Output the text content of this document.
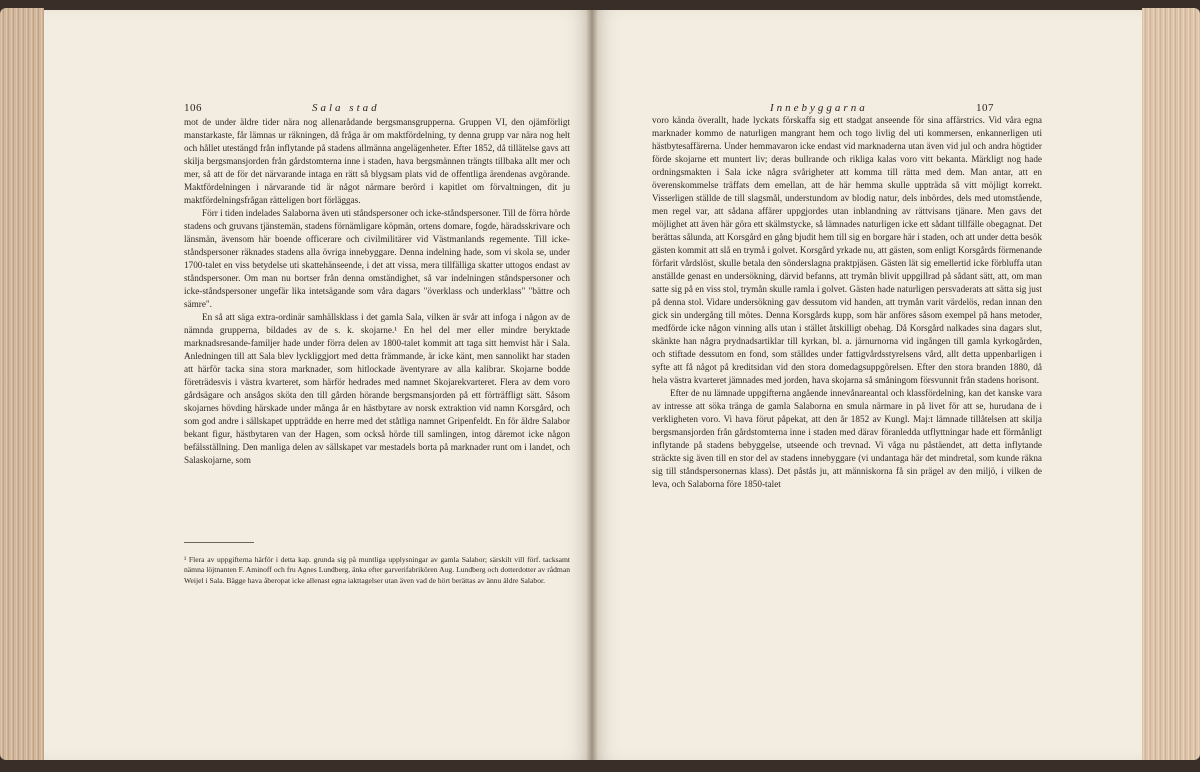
106	Sala stad

mot de under äldre tider nära nog allenarådande bergsmansgrupperna. Gruppen VI, den ojämförligt manstarkaste, får lämnas ur räkningen, då fråga är om maktfördelning, ty denna grupp var nära nog helt och hållet utestängd från inflytande på stadens allmänna angelägenheter. Efter 1852, då tillätelse gavs att skilja bergsmansjorden från gårdstomterna inne i staden, hava bergsmännen trängts tillbaka allt mer och mer, så att de för det närvarande intaga en rätt så blygsam plats vid de offentliga ärendenas avgörande. Maktfördelningen i närvarande tid är något närmare berörd i kapitlet om förvaltningen, dit ju maktfördelningsfrågan rätteligen bort förläggas.

Förr i tiden indelades Salaborna även uti ståndspersoner och icke-ståndspersoner. Till de förra hörde stadens och gruvans tjänstemän, stadens förnämligare köpmän, ortens domare, fogde, häradsskrivare och länsmän, ävensom här boende officerare och civilmilitärer vid Västmanlands regemente. Till icke-ståndspersoner räknades stadens alla övriga innebyggare. Denna indelning hade, som vi skola se, under 1700-talet en viss betydelse uti skattehänseende, i det att vissa, mera tillfälliga skatter uttogos endast av ståndspersoner. Om man nu bortser från denna omständighet, så var indelningen ståndspersoner och icke-ståndspersoner ungefär lika intetsägande som våra dagars "överklass och underklass" "bättre och sämre".

En så att säga extra-ordinär samhällsklass i det gamla Sala, vilken är svår att infoga i någon av de nämnda grupperna, bildades av de s. k. skojarne.¹ En hel del mer eller mindre beryktade marknadsresande-familjer hade under förra delen av 1800-talet kommit att taga sitt hemvist här i Sala. Anledningen till att Sala blev lyckliggjort med detta främmande, är icke känt, men sannolikt har staden att härför tacka sina stora marknader, som hitlockade äventyrare av alla kalibrar. Skojarne bodde företrädesvis i västra kvarteret, som härför hedrades med namnet Skojarekvarteret. Flera av dem voro gårdsägare och ansågos sköta den till gården hörande bergsmansjorden på ett förträffligt sätt. Såsom skojarnes hövding härskade under många år en hästbytare av norsk extraktion vid namn Korsgård, och som god andre i sällskapet uppträdde en herre med det ståtliga namnet Gripenfeldt. En för äldre Salabor bekant figur, hästbytaren van der Hagen, som också hörde till samlingen, intog däremot icke någon befälsställning. Den manliga delen av sällskapet var mestadels borta på marknader runt om i landet, och Salaskojarne, som

¹ Flera av uppgifterna härför i detta kap. grunda sig på muntliga upplysningar av gamla Salabor; särskilt vill förf. tacksamt nämna löjtnanten F. Aminoff och fru Agnes Lundberg, änka efter garverifabrikören Aug. Lundberg och dotterdotter av rådman Weijel i Sala. Bägge hava åberopat icke allenast egna iakttagelser utan även vad de hört berättas av ännu äldre Salabor.
Innebyggarna	107

voro kända överallt, hade lyckats förskaffa sig ett stadgat anseende för sina affärstrics. Vid våra egna marknader kommo de naturligen mangrant hem och togo livlig del uti kommersen, enkannerligen uti hästbytesaffärerna. Under hemmavaron icke endast vid marknaderna utan även vid jul och andra högtider förde skojarne ett muntert liv; deras bullrande och rikliga kalas voro vitt bekanta. Märkligt nog hade ordningsmakten i Sala icke några svårigheter att komma till rätta med dem. Man antar, att en överenskommelse träffats dem emellan, att de här hemma skulle uppträda så vitt möjligt korrekt. Visserligen ställde de till slagsmål, understundom av blodig natur, dels inbördes, dels med utomstående, men regel var, att sådana affärer uppgjordes utan inblandning av rättvisans tjänare. Men gavs det möjlighet att även här göra ett skälmstycke, så lämnades naturligen icke ett sådant tillfälle obegagnat. Det berättas sålunda, att Korsgård en gång bjudit hem till sig en borgare här i staden, och att under detta besök gästen kommit att slå en trymå i golvet. Korsgård yrkade nu, att gästen, som enligt Korsgårds förmenande förfarit vårdslöst, skulle betala den sönderslagna praktpjäsen. Gästen lät sig emellertid icke förbluffa utan anställde genast en undersökning, därvid befanns, att trymån blivit uppgillrad på sådant sätt, att, om man satte sig på en viss stol, trymån skulle ramla i golvet. Gästen hade naturligen persvaderats att sätta sig just på denna stol. Vidare undersökning gav dessutom vid handen, att trymån varit värdelös, redan innan den gick sin undergång till mötes. Denna Korsgårds kupp, som här anföres såsom exempel på hans metoder, medförde icke någon vinning alls utan i stället åtskilligt obehag. Då Korsgård nalkades sina dagars slut, skänkte han några prydnadsartiklar till kyrkan, bl. a. järnurnorna vid ingången till gamla kyrkogården, och stiftade dessutom en fond, som ställdes under fattigvårdsstyrelsens vård, allt detta uppenbarligen i syfte att få något på kreditsidan vid den stora domedagsuppgörelsen. Efter den stora branden 1880, då hela västra kvarteret jämnades med jorden, hava skojarna så småningom försvunnit från stadens horisont.

Efter de nu lämnade uppgifterna angående innevånareantal och klassfördelning, kan det kanske vara av intresse att söka tränga de gamla Salaborna en smula närmare in på livet för att se, hurudana de i verkligheten voro. Vi hava förut påpekat, att den år 1852 av Kungl. Maj:t lämnade tillåtelsen att skilja bergsmansjorden från gårdstomterna inne i staden med därav föranledda utflyttningar hade ett förmånligt inflytande på stadens bebyggelse, utseende och trevnad. Vi våga nu påstäendet, att detta inflytande sträckte sig även till en stor del av stadens innebyggare (vi undantaga här det mindretal, som kunde räkna sig till ståndspersonernas klass). Det påstås ju, att människorna få sin prägel av den miljö, i vilken de leva, och Salaborna före 1850-talet
